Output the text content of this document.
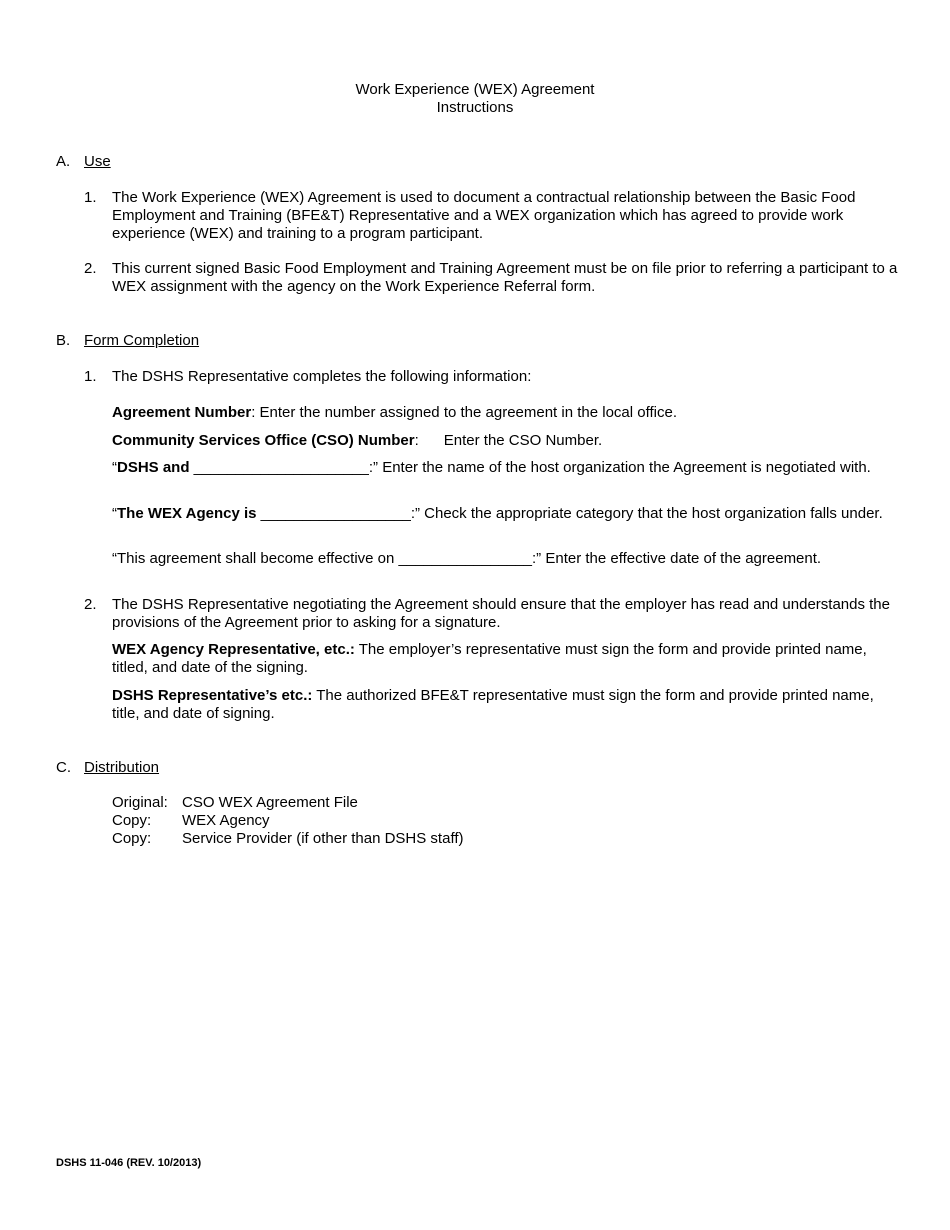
Work Experience (WEX) Agreement
Instructions
A. Use
1. The Work Experience (WEX) Agreement is used to document a contractual relationship between the Basic Food Employment and Training (BFE&T) Representative and a WEX organization which has agreed to provide work experience (WEX) and training to a program participant.
2. This current signed Basic Food Employment and Training Agreement must be on file prior to referring a participant to a WEX assignment with the agency on the Work Experience Referral form.
B. Form Completion
1. The DSHS Representative completes the following information:
Agreement Number: Enter the number assigned to the agreement in the local office.
Community Services Office (CSO) Number:      Enter the CSO Number.
“DSHS and _____________________:” Enter the name of the host organization the Agreement is negotiated with.
“The WEX Agency is __________________:” Check the appropriate category that the host organization falls under.
“This agreement shall become effective on ________________:” Enter the effective date of the agreement.
2. The DSHS Representative negotiating the Agreement should ensure that the employer has read and understands the provisions of the Agreement prior to asking for a signature.
WEX Agency Representative, etc.: The employer’s representative must sign the form and provide printed name, titled, and date of the signing.
DSHS Representative’s etc.: The authorized BFE&T representative must sign the form and provide printed name, title, and date of signing.
C. Distribution
Original: CSO WEX Agreement File
Copy: WEX Agency
Copy: Service Provider (if other than DSHS staff)
DSHS 11-046 (REV. 10/2013)
